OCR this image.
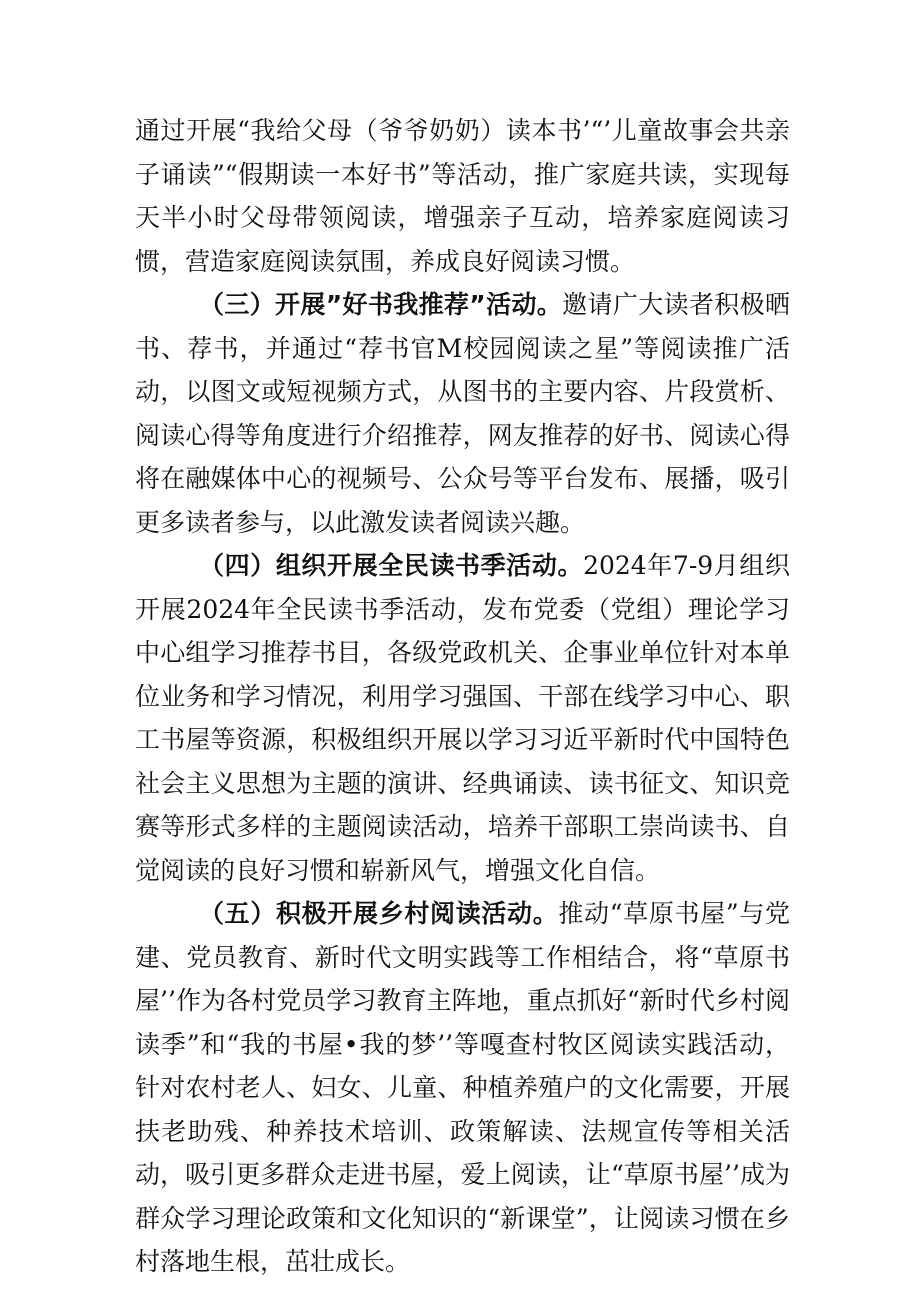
通过开展“我给父母（爷爷奶奶）读本书’“’儿童故事会共亲子诵读”“假期读一本好书”等活动，推广家庭共读，实现每天半小时父母带领阅读，增强亲子互动，培养家庭阅读习惯，营造家庭阅读氛围，养成良好阅读习惯。

（三）开展”好书我推荐”活动。邀请广大读者积极晒书、荐书，并通过“荐书官M校园阅读之星”等阅读推广活动，以图文或短视频方式，从图书的主要内容、片段赏析、阅读心得等角度进行介绍推荐，网友推荐的好书、阅读心得将在融媒体中心的视频号、公众号等平台发布、展播，吸引更多读者参与，以此激发读者阅读兴趣。

（四）组织开展全民读书季活动。2024年7-9月组织开展2024年全民读书季活动，发布党委（党组）理论学习中心组学习推荐书目，各级党政机关、企事业单位针对本单位业务和学习情况，利用学习强国、干部在线学习中心、职工书屋等资源，积极组织开展以学习习近平新时代中国特色社会主义思想为主题的演讲、经典诵读、读书征文、知识竞赛等形式多样的主题阅读活动，培养干部职工崇尚读书、自觉阅读的良好习惯和崭新风气，增强文化自信。

（五）积极开展乡村阅读活动。推动“草原书屋”与党建、党员教育、新时代文明实践等工作相结合，将“草原书屋’’作为各村党员学习教育主阵地，重点抓好“新时代乡村阅读季”和“我的书屋•我的梦’’等嘎查村牧区阅读实践活动，针对农村老人、妇女、儿童、种植养殖户的文化需要，开展扶老助残、种养技术培训、政策解读、法规宣传等相关活动，吸引更多群众走进书屋，爱上阅读，让“草原书屋’’成为群众学习理论政策和文化知识的“新课堂”，让阅读习惯在乡村落地生根，茁壮成长。
